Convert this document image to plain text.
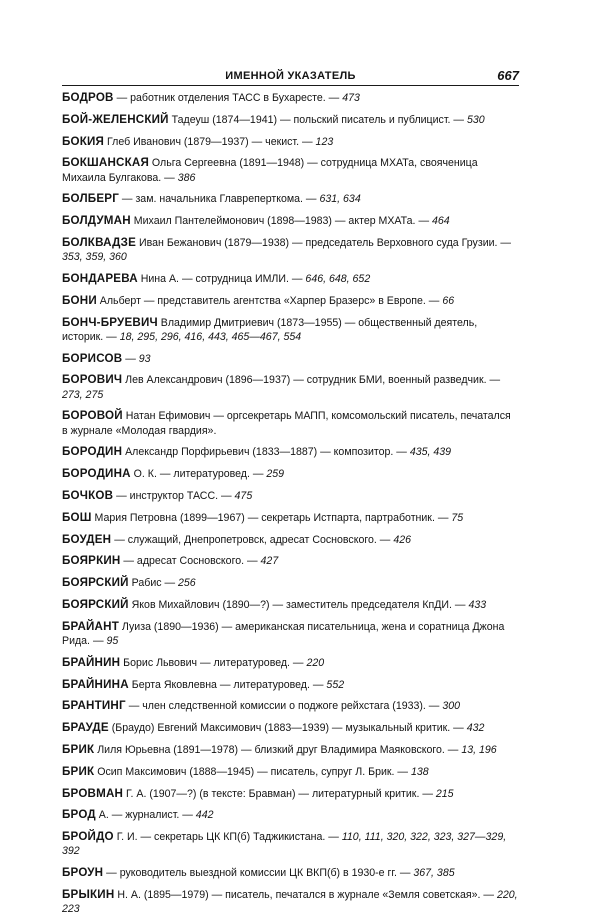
ИМЕННОЙ УКАЗАТЕЛЬ	667
БОДРОВ — работник отделения ТАСС в Бухаресте. — 473
БОЙ-ЖЕЛЕНСКИЙ Тадеуш (1874—1941) — польский писатель и публицист. — 530
БОКИЯ Глеб Иванович (1879—1937) — чекист. — 123
БОКШАНСКАЯ Ольга Сергеевна (1891—1948) — сотрудница МХАТа, свояченица Михаила Булгакова. — 386
БОЛБЕРГ — зам. начальника Главреперткома. — 631, 634
БОЛДУМАН Михаил Пантелеймонович (1898—1983) — актер МХАТа. — 464
БОЛКВАДЗЕ Иван Бежанович (1879—1938) — председатель Верховного суда Грузии. — 353, 359, 360
БОНДАРЕВА Нина А. — сотрудница ИМЛИ. — 646, 648, 652
БОНИ Альберт — представитель агентства «Харпер Бразерс» в Европе. — 66
БОНЧ-БРУЕВИЧ Владимир Дмитриевич (1873—1955) — общественный деятель, историк. — 18, 295, 296, 416, 443, 465—467, 554
БОРИСОВ — 93
БОРОВИЧ Лев Александрович (1896—1937) — сотрудник БМИ, военный разведчик. — 273, 275
БОРОВОЙ Натан Ефимович — оргсекретарь МАПП, комсомольский писатель, печатался в журнале «Молодая гвардия».
БОРОДИН Александр Порфирьевич (1833—1887) — композитор. — 435, 439
БОРОДИНА О. К. — литературовед. — 259
БОЧКОВ — инструктор ТАСС. — 475
БОШ Мария Петровна (1899—1967) — секретарь Истпарта, партработник. — 75
БОУДЕН — служащий, Днепропетровск, адресат Сосновского. — 426
БОЯРКИН — адресат Сосновского. — 427
БОЯРСКИЙ Рабис — 256
БОЯРСКИЙ Яков Михайлович (1890—?) — заместитель председателя КпДИ. — 433
БРАЙАНТ Луиза (1890—1936) — американская писательница, жена и соратница Джона Рида. — 95
БРАЙНИН Борис Львович — литературовед. — 220
БРАЙНИНА Берта Яковлевна — литературовед. — 552
БРАНТИНГ — член следственной комиссии о поджоге рейхстага (1933). — 300
БРАУДЕ (Браудо) Евгений Максимович (1883—1939) — музыкальный критик. — 432
БРИК Лиля Юрьевна (1891—1978) — близкий друг Владимира Маяковского. — 13, 196
БРИК Осип Максимович (1888—1945) — писатель, супруг Л. Брик. — 138
БРОВМАН Г. А. (1907—?) (в тексте: Бравман) — литературный критик. — 215
БРОД А. — журналист. — 442
БРОЙДО Г. И. — секретарь ЦК КП(б) Таджикистана. — 110, 111, 320, 322, 323, 327—329, 392
БРОУН — руководитель выездной комиссии ЦК ВКП(б) в 1930-е гг. — 367, 385
БРЫКИН Н. А. (1895—1979) — писатель, печатался в журнале «Земля советская». — 220, 223
